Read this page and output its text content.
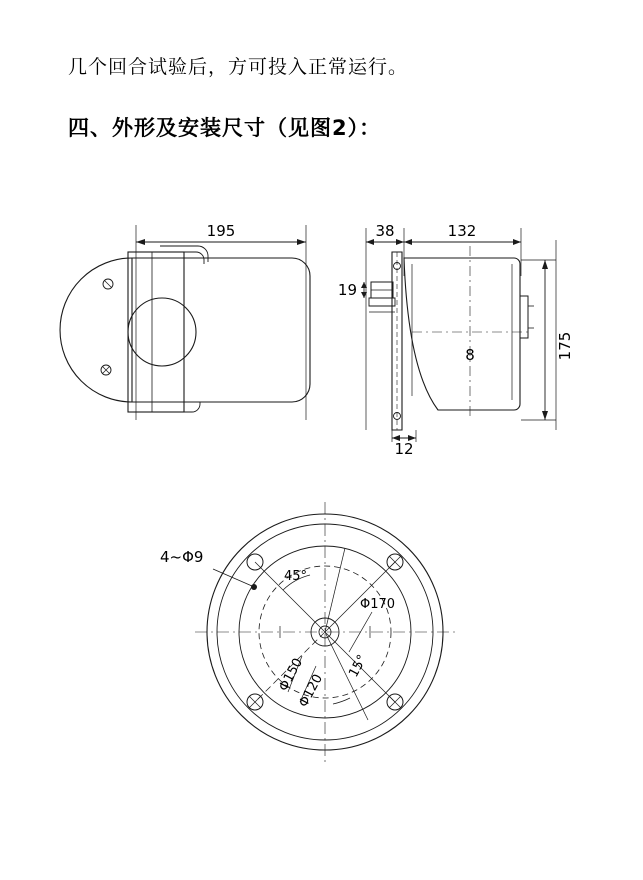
几个回合试验后，方可投入正常运行。
四、外形及安装尺寸（见图2）：
195	38	132
175
19
8
12
4~Φ9
45°
15°
Φ170
Φ150
Φ120
